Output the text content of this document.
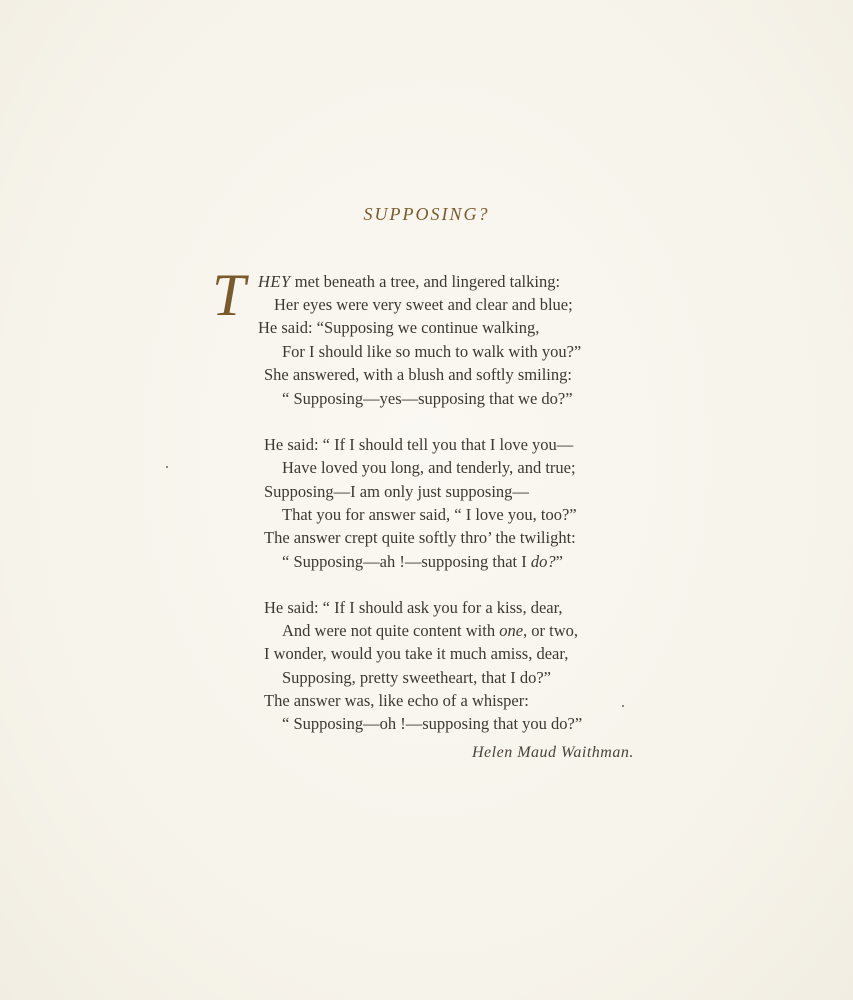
SUPPOSING?
T HEY met beneath a tree, and lingered talking:
Her eyes were very sweet and clear and blue;
He said: “Supposing we continue walking,
For I should like so much to walk with you?”
She answered, with a blush and softly smiling:
“ Supposing—yes—supposing that we do?”
He said: “ If I should tell you that I love you—
Have loved you long, and tenderly, and true;
Supposing—I am only just supposing—
That you for answer said, “ I love you, too?”
The answer crept quite softly thro’ the twilight:
“ Supposing—ah !—supposing that I do?”
He said: “ If I should ask you for a kiss, dear,
And were not quite content with one, or two,
I wonder, would you take it much amiss, dear,
Supposing, pretty sweetheart, that I do?”
The answer was, like echo of a whisper:
“ Supposing—oh !—supposing that you do?”
Helen Maud Waithman.
